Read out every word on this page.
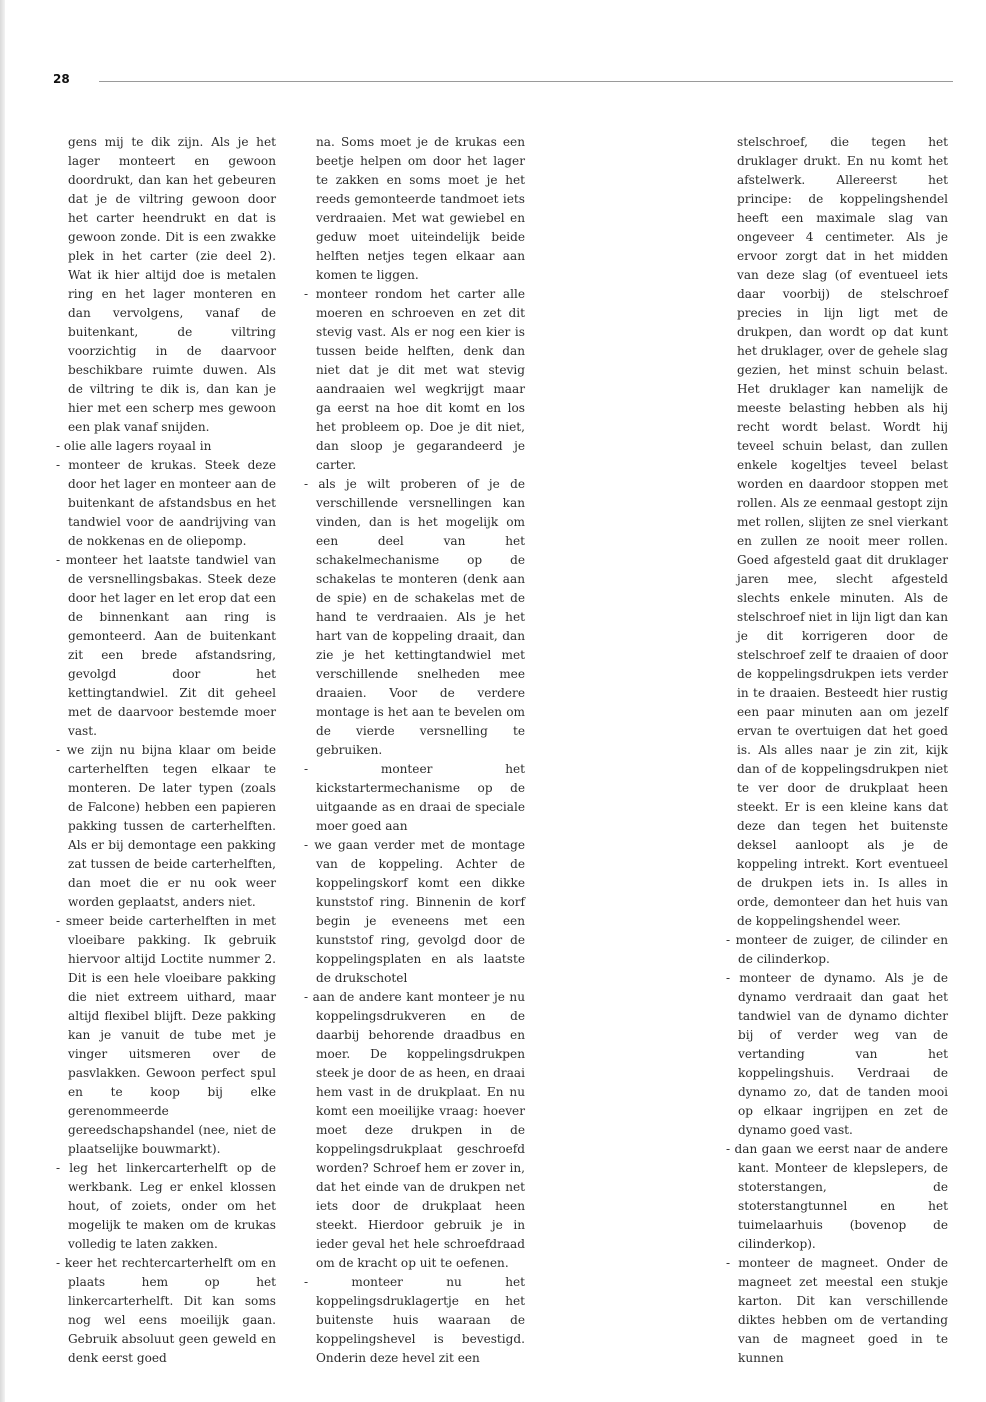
28

gens mij te dik zijn. Als je het lager monteert en gewoon doordrukt, dan kan het gebeuren dat je de viltring gewoon door het carter heendrukt en dat is gewoon zonde. Dit is een zwakke plek in het carter (zie deel 2). Wat ik hier altijd doe is metalen ring en het lager monteren en dan vervolgens, vanaf de buitenkant, de viltring voorzichtig in de daarvoor beschikbare ruimte duwen. Als de viltring te dik is, dan kan je hier met een scherp mes gewoon een plak vanaf snijden.

- olie alle lagers royaal in

- monteer de krukas. Steek deze door het lager en monteer aan de buitenkant de afstandsbus en het tandwiel voor de aandrijving van de nokkenas en de oliepomp.

- monteer het laatste tandwiel van de versnellingsbakas. Steek deze door het lager en let erop dat een de binnenkant aan ring is gemonteerd. Aan de buitenkant zit een brede afstandsring, gevolgd door het kettingtandwiel. Zit dit geheel met de daarvoor bestemde moer vast.

- we zijn nu bijna klaar om beide carterhelften tegen elkaar te monteren. De later typen (zoals de Falcone) hebben een papieren pakking tussen de carterhelften. Als er bij demontage een pakking zat tussen de beide carterhelften, dan moet die er nu ook weer worden geplaatst, anders niet.

- smeer beide carterhelften in met vloeibare pakking. Ik gebruik hiervoor altijd Loctite nummer 2. Dit is een hele vloeibare pakking die niet extreem uithard, maar altijd flexibel blijft. Deze pakking kan je vanuit de tube met je vinger uitsmeren over de pasvlakken. Gewoon perfect spul en te koop bij elke gerenommeerde gereedschapshandel (nee, niet de plaatselijke bouwmarkt).

- leg het linkercarterhelft op de werkbank. Leg er enkel klossen hout, of zoiets, onder om het mogelijk te maken om de krukas volledig te laten zakken.

- keer het rechtercarterhelft om en plaats hem op het linkercarterhelft. Dit kan soms nog wel eens moeilijk gaan. Gebruik absoluut geen geweld en denk eerst goed

na. Soms moet je de krukas een beetje helpen om door het lager te zakken en soms moet je het reeds gemonteerde tandmoet iets verdraaien. Met wat gewiebel en geduw moet uiteindelijk beide helften netjes tegen elkaar aan komen te liggen.

- monteer rondom het carter alle moeren en schroeven en zet dit stevig vast. Als er nog een kier is tussen beide helften, denk dan niet dat je dit met wat stevig aandraaien wel wegkrijgt maar ga eerst na hoe dit komt en los het probleem op. Doe je dit niet, dan sloop je gegarandeerd je carter.

- als je wilt proberen of je de verschillende versnellingen kan vinden, dan is het mogelijk om een deel van het schakelmechanisme op de schakelas te monteren (denk aan de spie) en de schakelas met de hand te verdraaien. Als je het hart van de koppeling draait, dan zie je het kettingtandwiel met verschillende snelheden mee draaien. Voor de verdere montage is het aan te bevelen om de vierde versnelling te gebruiken.

- monteer het kickstartermechanisme op de uitgaande as en draai de speciale moer goed aan

- we gaan verder met de montage van de koppeling. Achter de koppelingskorf komt een dikke kunststof ring. Binnenin de korf begin je eveneens met een kunststof ring, gevolgd door de koppelingsplaten en als laatste de drukschotel

- aan de andere kant monteer je nu koppelingsdrukveren en de daarbij behorende draadbus en moer. De koppelingsdrukpen steek je door de as heen, en draai hem vast in de drukplaat. En nu komt een moeilijke vraag: hoever moet deze drukpen in de koppelingsdrukplaat geschroefd worden? Schroef hem er zover in, dat het einde van de drukpen net iets door de drukplaat heen steekt. Hierdoor gebruik je in ieder geval het hele schroefdraad om de kracht op uit te oefenen.

- monteer nu het koppelingsdruklagertje en het buitenste huis waaraan de koppelingshevel is bevestigd. Onderin deze hevel zit een

stelschroef, die tegen het druklager drukt. En nu komt het afstelwerk. Allereerst het principe: de koppelingshendel heeft een maximale slag van ongeveer 4 centimeter. Als je ervoor zorgt dat in het midden van deze slag (of eventueel iets daar voorbij) de stelschroef precies in lijn ligt met de drukpen, dan wordt op dat kunt het druklager, over de gehele slag gezien, het minst schuin belast. Het druklager kan namelijk de meeste belasting hebben als hij recht wordt belast. Wordt hij teveel schuin belast, dan zullen enkele kogeltjes teveel belast worden en daardoor stoppen met rollen. Als ze eenmaal gestopt zijn met rollen, slijten ze snel vierkant en zullen ze nooit meer rollen. Goed afgesteld gaat dit druklager jaren mee, slecht afgesteld slechts enkele minuten. Als de stelschroef niet in lijn ligt dan kan je dit korrigeren door de stelschroef zelf te draaien of door de koppelingsdrukpen iets verder in te draaien. Besteedt hier rustig een paar minuten aan om jezelf ervan te overtuigen dat het goed is. Als alles naar je zin zit, kijk dan of de koppelingsdrukpen niet te ver door de drukplaat heen steekt. Er is een kleine kans dat deze dan tegen het buitenste deksel aanloopt als je de koppeling intrekt. Kort eventueel de drukpen iets in. Is alles in orde, demonteer dan het huis van de koppelingshendel weer.

- monteer de zuiger, de cilinder en de cilinderkop.

- monteer de dynamo. Als je de dynamo verdraait dan gaat het tandwiel van de dynamo dichter bij of verder weg van de vertanding van het koppelingshuis. Verdraai de dynamo zo, dat de tanden mooi op elkaar ingrijpen en zet de dynamo goed vast.

- dan gaan we eerst naar de andere kant. Monteer de klepslepers, de stoterstangen, de stoterstangtunnel en het tuimelaarhuis (bovenop de cilinderkop).

- monteer de magneet. Onder de magneet zet meestal een stukje karton. Dit kan verschillende diktes hebben om de vertanding van de magneet goed in te kunnen
